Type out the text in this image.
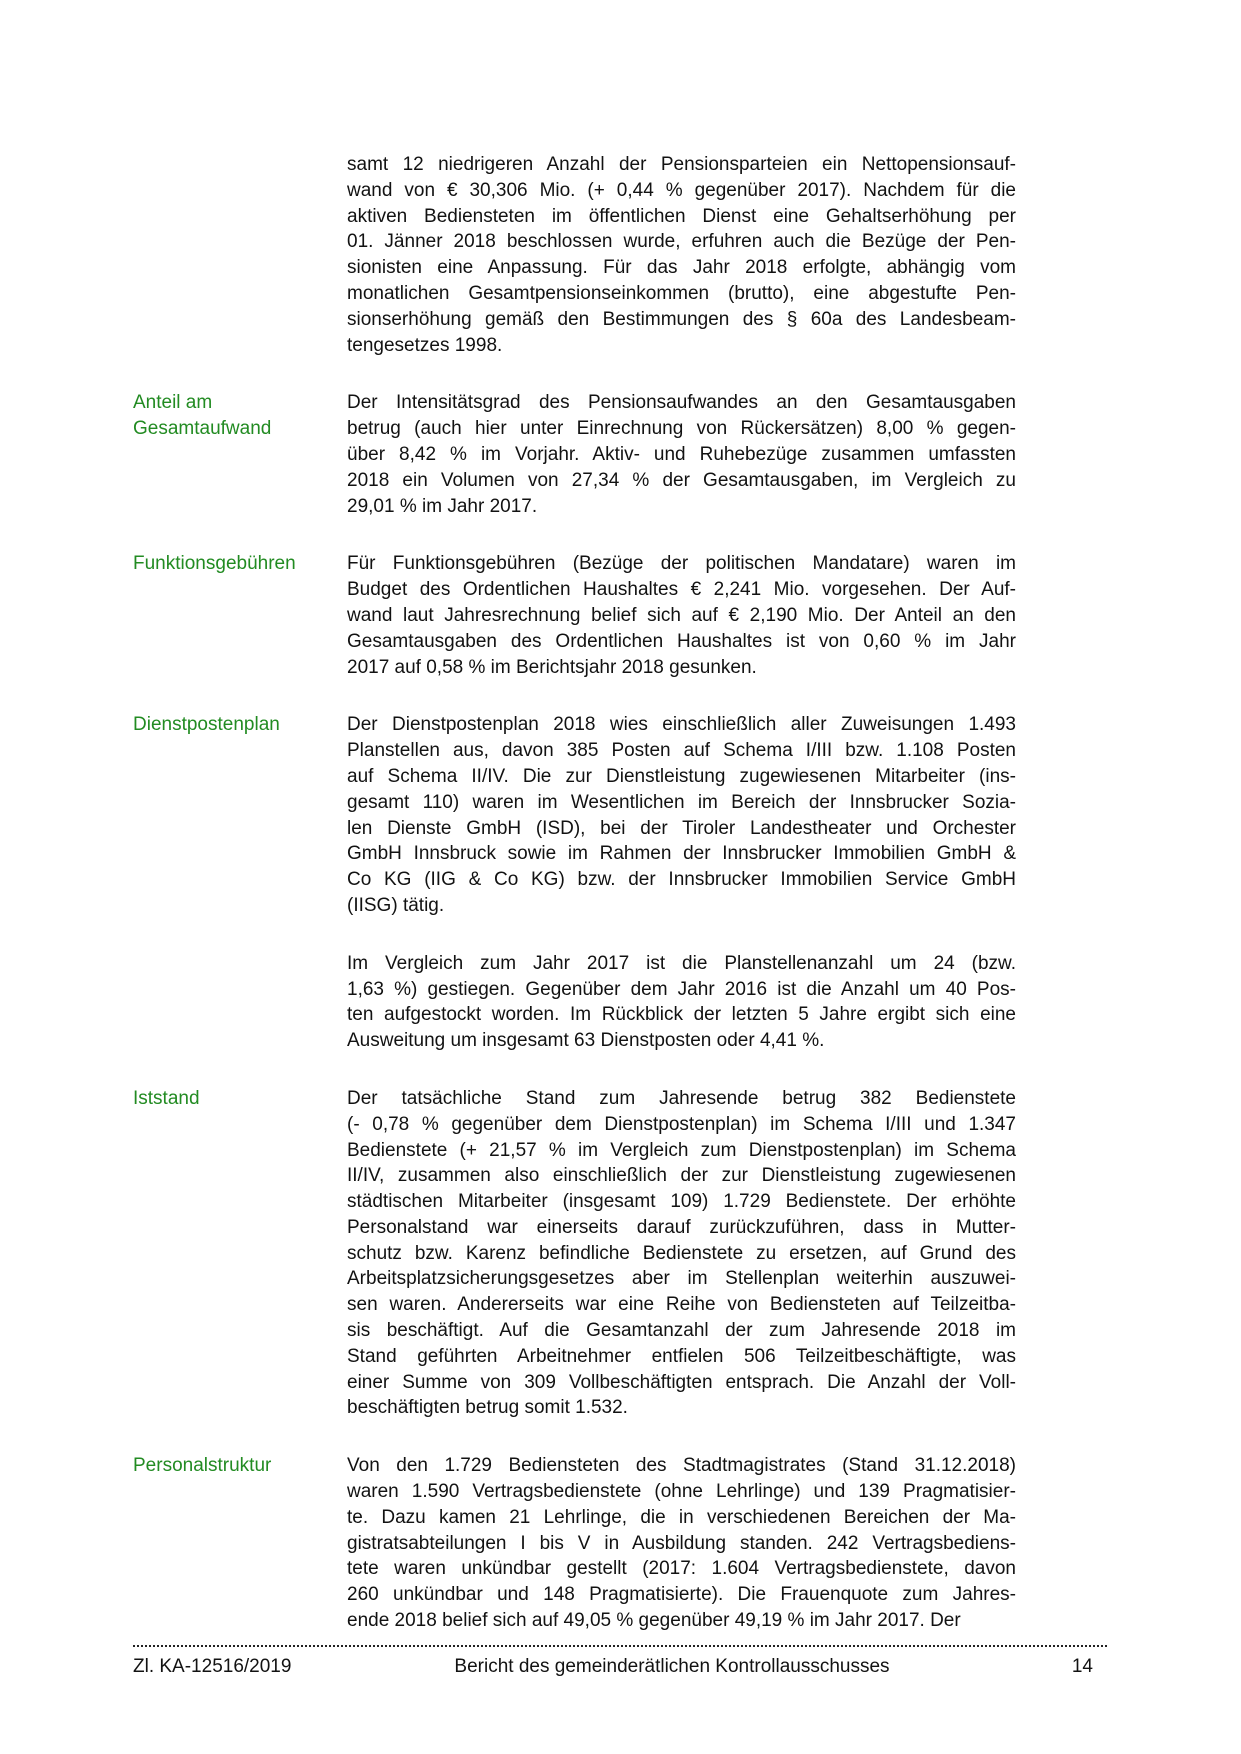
samt 12 niedrigeren Anzahl der Pensionsparteien ein Nettopensionsauf-
wand von € 30,306 Mio. (+ 0,44 % gegenüber 2017). Nachdem für die
aktiven Bediensteten im öffentlichen Dienst eine Gehaltserhöhung per
01. Jänner 2018 beschlossen wurde, erfuhren auch die Bezüge der Pen-
sionisten eine Anpassung. Für das Jahr 2018 erfolgte, abhängig vom
monatlichen Gesamtpensionseinkommen (brutto), eine abgestufte Pen-
sionserhöhung gemäß den Bestimmungen des § 60a des Landesbeam-
tengesetzes 1998.
Anteil am
Gesamtaufwand
Der Intensitätsgrad des Pensionsaufwandes an den Gesamtausgaben
betrug (auch hier unter Einrechnung von Rückersätzen) 8,00 % gegen-
über 8,42 % im Vorjahr. Aktiv- und Ruhebezüge zusammen umfassten
2018 ein Volumen von 27,34 % der Gesamtausgaben, im Vergleich zu
29,01 % im Jahr 2017.
Funktionsgebühren	Für Funktionsgebühren (Bezüge der politischen Mandatare) waren im
Budget des Ordentlichen Haushaltes € 2,241 Mio. vorgesehen. Der Auf-
wand laut Jahresrechnung belief sich auf € 2,190 Mio. Der Anteil an den
Gesamtausgaben des Ordentlichen Haushaltes ist von 0,60 % im Jahr
2017 auf 0,58 % im Berichtsjahr 2018 gesunken.
Dienstpostenplan	Der Dienstpostenplan 2018 wies einschließlich aller Zuweisungen 1.493
Planstellen aus, davon 385 Posten auf Schema I/III bzw. 1.108 Posten
auf Schema II/IV. Die zur Dienstleistung zugewiesenen Mitarbeiter (ins-
gesamt 110) waren im Wesentlichen im Bereich der Innsbrucker Sozia-
len Dienste GmbH (ISD), bei der Tiroler Landestheater und Orchester
GmbH Innsbruck sowie im Rahmen der Innsbrucker Immobilien GmbH &
Co KG (IIG & Co KG) bzw. der Innsbrucker Immobilien Service GmbH
(IISG) tätig.
Im Vergleich zum Jahr 2017 ist die Planstellenanzahl um 24 (bzw.
1,63 %) gestiegen. Gegenüber dem Jahr 2016 ist die Anzahl um 40 Pos-
ten aufgestockt worden. Im Rückblick der letzten 5 Jahre ergibt sich eine
Ausweitung um insgesamt 63 Dienstposten oder 4,41 %.
Iststand	Der tatsächliche Stand zum Jahresende betrug 382 Bedienstete
(- 0,78 % gegenüber dem Dienstpostenplan) im Schema I/III und 1.347
Bedienstete (+ 21,57 % im Vergleich zum Dienstpostenplan) im Schema
II/IV, zusammen also einschließlich der zur Dienstleistung zugewiesenen
städtischen Mitarbeiter (insgesamt 109) 1.729 Bedienstete. Der erhöhte
Personalstand war einerseits darauf zurückzuführen, dass in Mutter-
schutz bzw. Karenz befindliche Bedienstete zu ersetzen, auf Grund des
Arbeitsplatzsicherungsgesetzes aber im Stellenplan weiterhin auszuwei-
sen waren. Andererseits war eine Reihe von Bediensteten auf Teilzeitba-
sis beschäftigt. Auf die Gesamtanzahl der zum Jahresende 2018 im
Stand geführten Arbeitnehmer entfielen 506 Teilzeitbeschäftigte, was
einer Summe von 309 Vollbeschäftigten entsprach. Die Anzahl der Voll-
beschäftigten betrug somit 1.532.
Personalstruktur	Von den 1.729 Bediensteten des Stadtmagistrates (Stand 31.12.2018)
waren 1.590 Vertragsbedienstete (ohne Lehrlinge) und 139 Pragmatisier-
te. Dazu kamen 21 Lehrlinge, die in verschiedenen Bereichen der Ma-
gistratsabteilungen I bis V in Ausbildung standen. 242 Vertragsbediens-
tete waren unkündbar gestellt (2017: 1.604 Vertragsbedienstete, davon
260 unkündbar und 148 Pragmatisierte). Die Frauenquote zum Jahres-
ende 2018 belief sich auf 49,05 % gegenüber 49,19 % im Jahr 2017. Der
Zl. KA-12516/2019	Bericht des gemeinderätlichen Kontrollausschusses	14
